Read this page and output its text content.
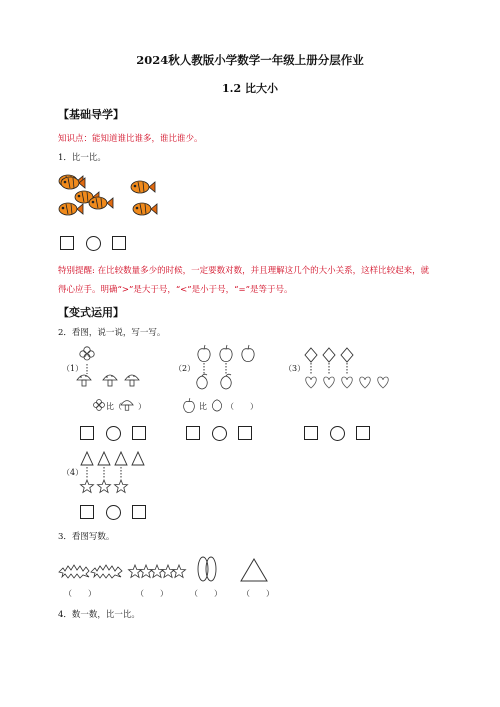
2024秋人教版小学数学一年级上册分层作业
1.2 比大小
【基础导学】
知识点：能知道谁比谁多，谁比谁少。
1．比一比。
特别提醒: 在比较数量多少的时候，一定要数对数，并且理解这几个的大小关系，这样比较起来，就
得心应手。明确“>”是大于号，“<”是小于号，“=”是等于号。
【变式运用】
2．看图，说一说，写一写。
（1）
比（　　）
（2）
比 （　　）
（3）
（4）
3．看图写数。
（　　）	（　　）	（　　）	（　　）
4．数一数，比一比。
